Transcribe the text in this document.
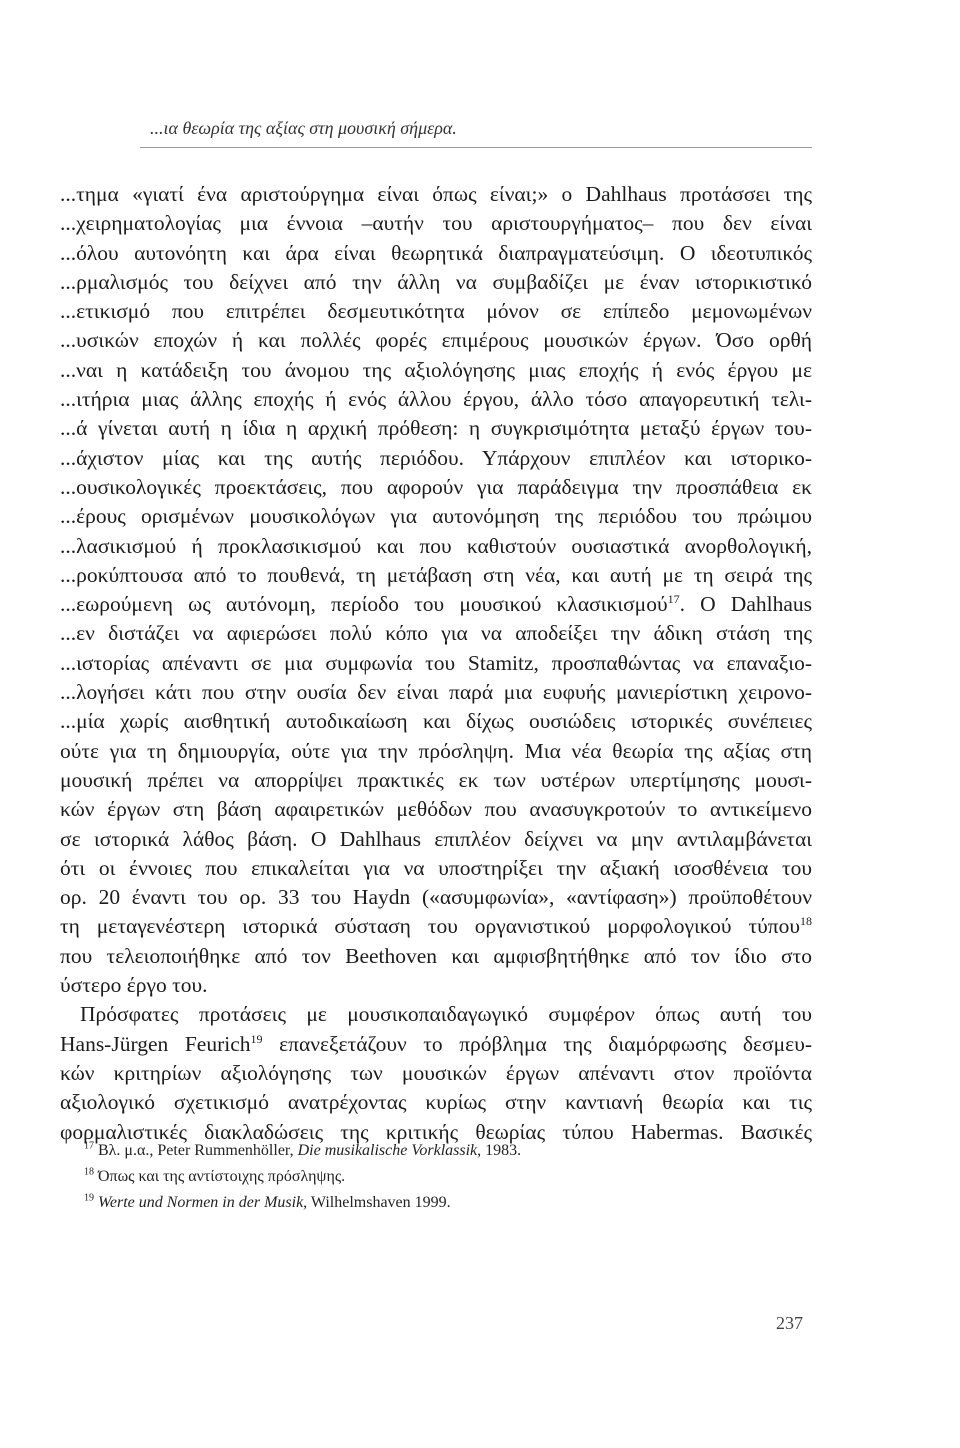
...ια θεωρία της αξίας στη μουσική σήμερα.
...τημα «γιατί ένα αριστούργημα είναι όπως είναι;» ο Dahlhaus προτάσσει της
...χειρηματολογίας μια έννοια –αυτήν του αριστουργήματος– που δεν είναι
...όλου αυτονόητη και άρα είναι θεωρητικά διαπραγματεύσιμη. Ο ιδεοτυπικός
...ρμαλισμός του δείχνει από την άλλη να συμβαδίζει με έναν ιστορικιστικό
...ετικισμό που επιτρέπει δεσμευτικότητα μόνον σε επίπεδο μεμονωμένων
...υσικών εποχών ή και πολλές φορές επιμέρους μουσικών έργων. Όσο ορθή
...ναι η κατάδειξη του άνομου της αξιολόγησης μιας εποχής ή ενός έργου με
...ιτήρια μιας άλλης εποχής ή ενός άλλου έργου, άλλο τόσο απαγορευτική τελι-
...ά γίνεται αυτή η ίδια η αρχική πρόθεση: η συγκρισιμότητα μεταξύ έργων του-
...άχιστον μίας και της αυτής περιόδου. Υπάρχουν επιπλέον και ιστορικο-
...ουσικολογικές προεκτάσεις, που αφορούν για παράδειγμα την προσπάθεια εκ
...έρους ορισμένων μουσικολόγων για αυτονόμηση της περιόδου του πρώιμου
...λασικισμού ή προκλασικισμού και που καθιστούν ουσιαστικά ανορθολογική,
...ροκύπτουσα από το πουθενά, τη μετάβαση στη νέα, και αυτή με τη σειρά της
...εωρούμενη ως αυτόνομη, περίοδο του μουσικού κλασικισμού$^{17}$. Ο Dahlhaus
...εν διστάζει να αφιερώσει πολύ κόπο για να αποδείξει την άδικη στάση της
...ιστορίας απέναντι σε μια συμφωνία του Stamitz, προσπαθώντας να επαναξιο-
...λογήσει κάτι που στην ουσία δεν είναι παρά μια ευφυής μανιερίστικη χειρονο-
...μία χωρίς αισθητική αυτοδικαίωση και δίχως ουσιώδεις ιστορικές συνέπειες
ούτε για τη δημιουργία, ούτε για την πρόσληψη. Μια νέα θεωρία της αξίας στη
μουσική πρέπει να απορρίψει πρακτικές εκ των υστέρων υπερτίμησης μουσι-
κών έργων στη βάση αφαιρετικών μεθόδων που ανασυγκροτούν το αντικείμενο
σε ιστορικά λάθος βάση. Ο Dahlhaus επιπλέον δείχνει να μην αντιλαμβάνεται
ότι οι έννοιες που επικαλείται για να υποστηρίξει την αξιακή ισοσθένεια του
ορ. 20 έναντι του ορ. 33 του Haydn («ασυμφωνία», «αντίφαση») προϋποθέτουν
τη μεταγενέστερη ιστορικά σύσταση του οργανιστικού μορφολογικού τύπου$^{18}$
που τελειοποιήθηκε από τον Beethoven και αμφισβητήθηκε από τον ίδιο στο
ύστερο έργο του.
Πρόσφατες προτάσεις με μουσικοπαιδαγωγικό συμφέρον όπως αυτή του
Hans-Jürgen Feurich$^{19}$ επανεξετάζουν το πρόβλημα της διαμόρφωσης δεσμευ-
κών κριτηρίων αξιολόγησης των μουσικών έργων απέναντι στον προϊόντα
αξιολογικό σχετικισμό ανατρέχοντας κυρίως στην καντιανή θεωρία και τις
φορμαλιστικές διακλαδώσεις της κριτικής θεωρίας τύπου Habermas. Βασικές
$^{17}$ Βλ. μ.α., Peter Rummenhöller, Die musikalische Vorklassik, 1983.
$^{18}$ Όπως και της αντίστοιχης πρόσληψης.
$^{19}$ Werte und Normen in der Musik, Wilhelmshaven 1999.
237
